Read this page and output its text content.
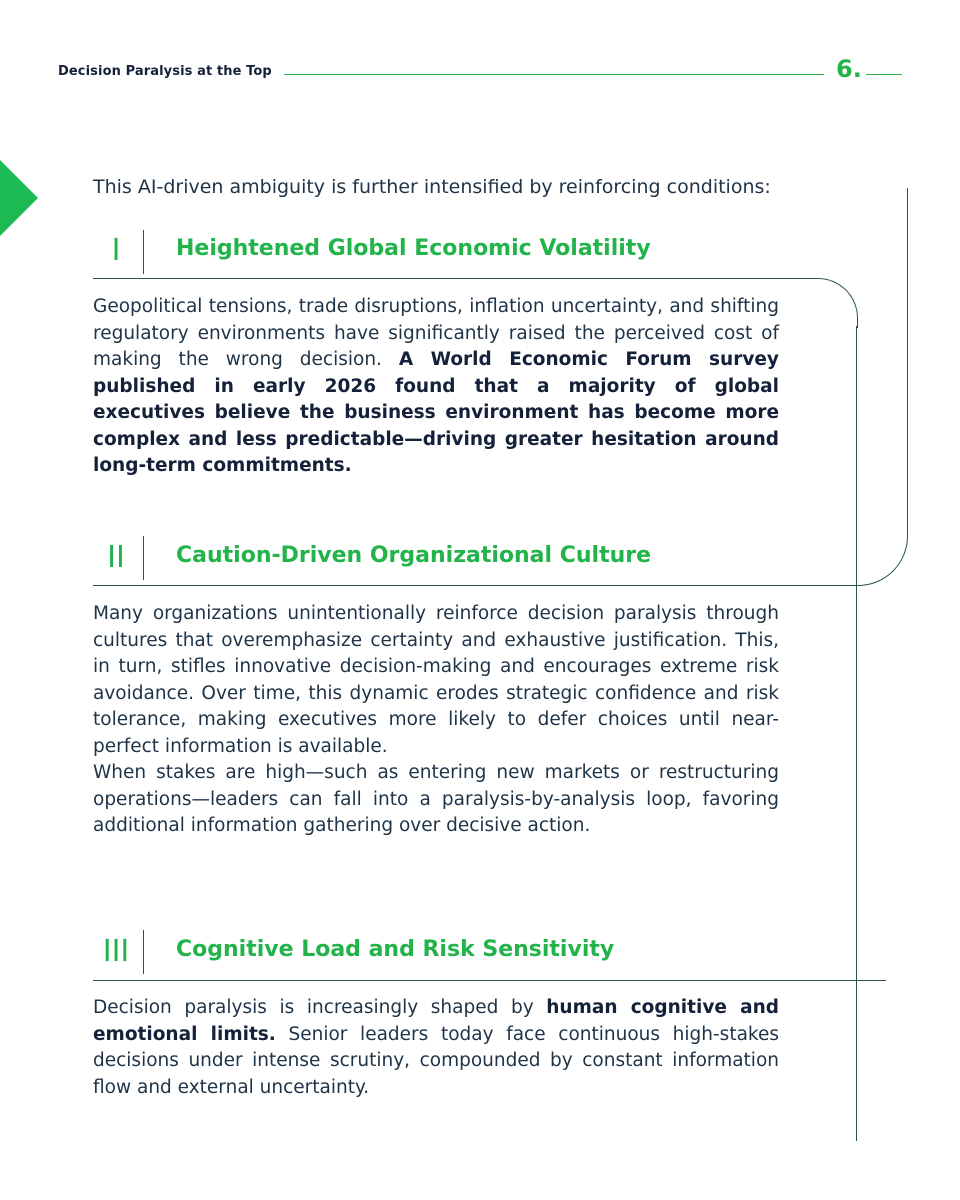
Decision Paralysis at the Top	6.
This AI-driven ambiguity is further intensified by reinforcing conditions:
I	Heightened Global Economic Volatility
Geopolitical tensions, trade disruptions, inflation uncertainty, and shifting regulatory environments have significantly raised the perceived cost of making the wrong decision. A World Economic Forum survey published in early 2026 found that a majority of global executives believe the business environment has become more complex and less predictable—driving greater hesitation around long-term commitments.
II	Caution-Driven Organizational Culture
Many organizations unintentionally reinforce decision paralysis through cultures that overemphasize certainty and exhaustive justification. This, in turn, stifles innovative decision-making and encourages extreme risk avoidance. Over time, this dynamic erodes strategic confidence and risk tolerance, making executives more likely to defer choices until near-perfect information is available.
When stakes are high—such as entering new markets or restructuring operations—leaders can fall into a paralysis-by-analysis loop, favoring additional information gathering over decisive action.
III	Cognitive Load and Risk Sensitivity
Decision paralysis is increasingly shaped by human cognitive and emotional limits. Senior leaders today face continuous high-stakes decisions under intense scrutiny, compounded by constant information flow and external uncertainty.
